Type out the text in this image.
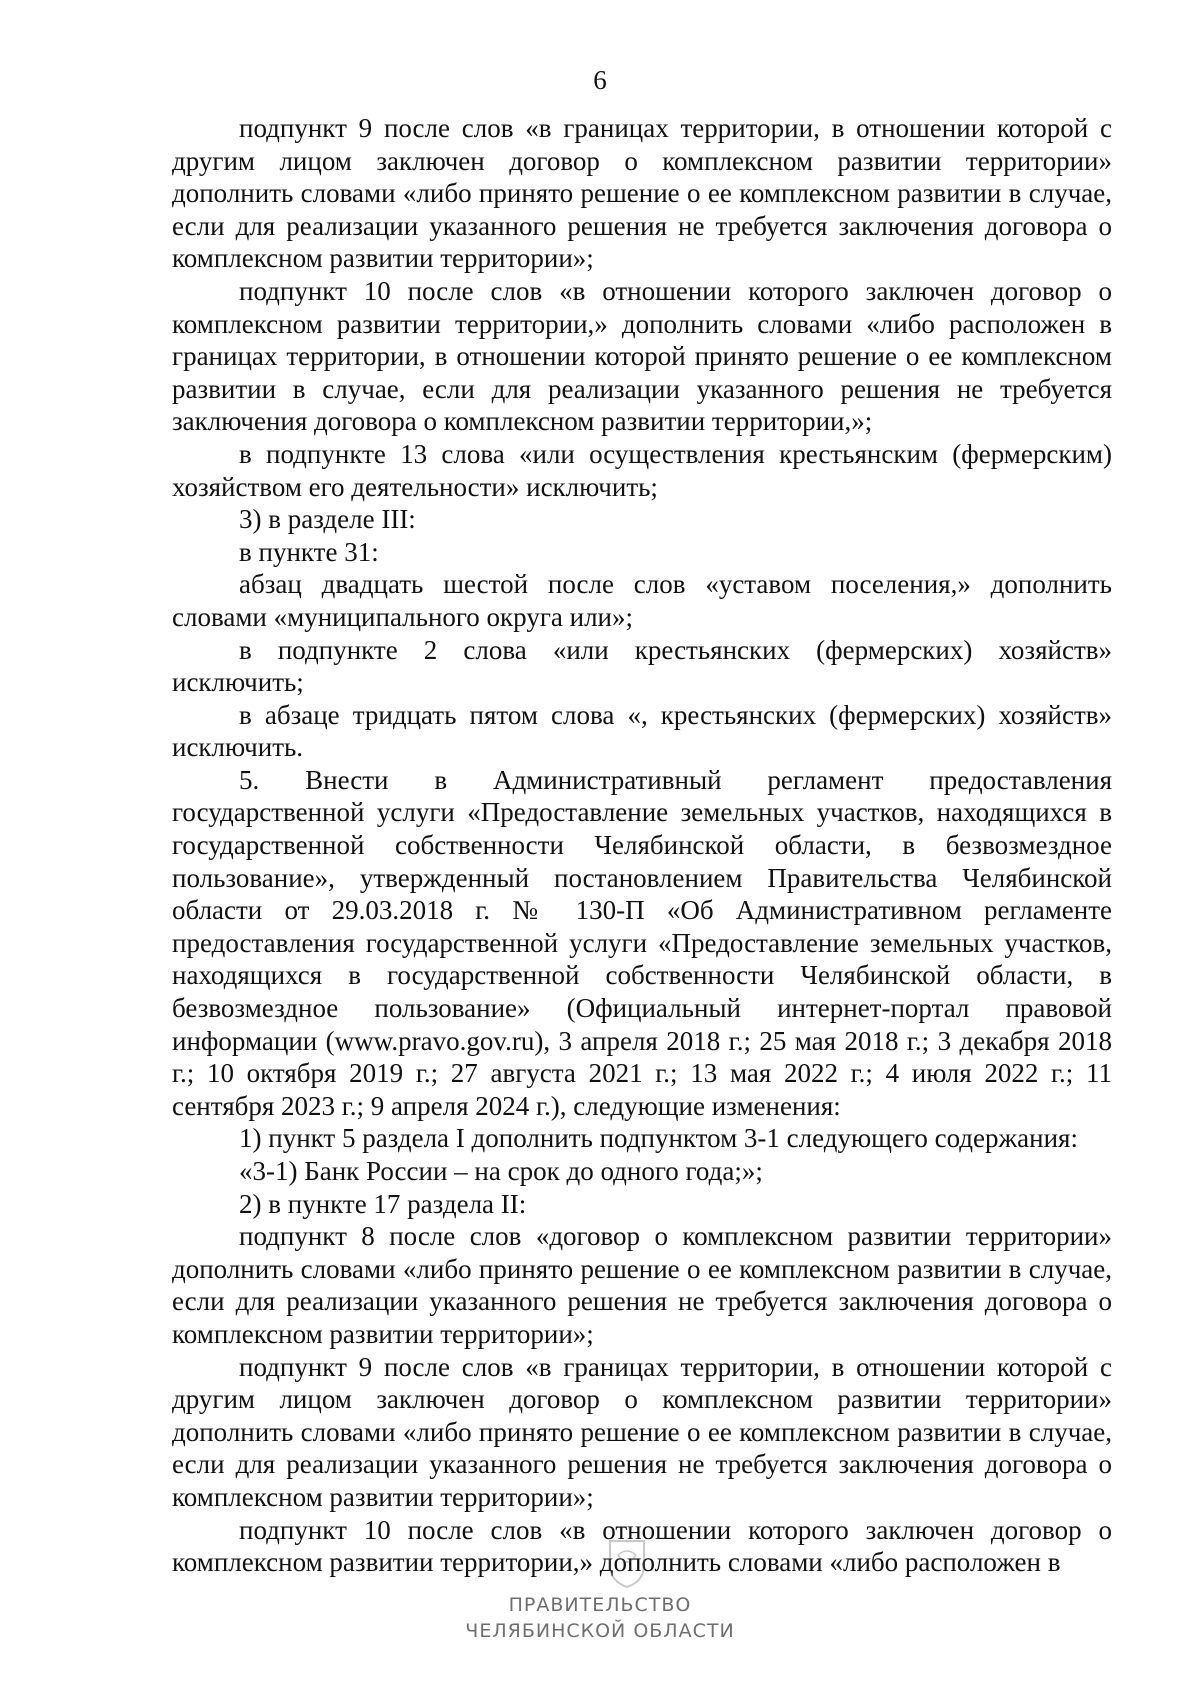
6

подпункт 9 после слов «в границах территории, в отношении которой с другим лицом заключен договор о комплексном развитии территории» дополнить словами «либо принято решение о ее комплексном развитии в случае, если для реализации указанного решения не требуется заключения договора о комплексном развитии территории»;

подпункт 10 после слов «в отношении которого заключен договор о комплексном развитии территории,» дополнить словами «либо расположен в границах территории, в отношении которой принято решение о ее комплексном развитии в случае, если для реализации указанного решения не требуется заключения договора о комплексном развитии территории,»;

в подпункте 13 слова «или осуществления крестьянским (фермерским) хозяйством его деятельности» исключить;

3) в разделе III:

в пункте 31:

абзац двадцать шестой после слов «уставом поселения,» дополнить словами «муниципального округа или»;

в подпункте 2 слова «или крестьянских (фермерских) хозяйств» исключить;

в абзаце тридцать пятом слова «, крестьянских (фермерских) хозяйств» исключить.

5. Внести в Административный регламент предоставления государственной услуги «Предоставление земельных участков, находящихся в государственной собственности Челябинской области, в безвозмездное пользование», утвержденный постановлением Правительства Челябинской области от 29.03.2018 г. № 130-П «Об Административном регламенте предоставления государственной услуги «Предоставление земельных участков, находящихся в государственной собственности Челябинской области, в безвозмездное пользование» (Официальный интернет-портал правовой информации (www.pravo.gov.ru), 3 апреля 2018 г.; 25 мая 2018 г.; 3 декабря 2018 г.; 10 октября 2019 г.; 27 августа 2021 г.; 13 мая 2022 г.; 4 июля 2022 г.; 11 сентября 2023 г.; 9 апреля 2024 г.), следующие изменения:

1) пункт 5 раздела I дополнить подпунктом 3-1 следующего содержания:

«3-1) Банк России – на срок до одного года;»;

2) в пункте 17 раздела II:

подпункт 8 после слов «договор о комплексном развитии территории» дополнить словами «либо принято решение о ее комплексном развитии в случае, если для реализации указанного решения не требуется заключения договора о комплексном развитии территории»;

подпункт 9 после слов «в границах территории, в отношении которой с другим лицом заключен договор о комплексном развитии территории» дополнить словами «либо принято решение о ее комплексном развитии в случае, если для реализации указанного решения не требуется заключения договора о комплексном развитии территории»;

подпункт 10 после слов «в отношении которого заключен договор о комплексном развитии территории,» дополнить словами «либо расположен в

ПРАВИТЕЛЬСТВО
ЧЕЛЯБИНСКОЙ ОБЛАСТИ
